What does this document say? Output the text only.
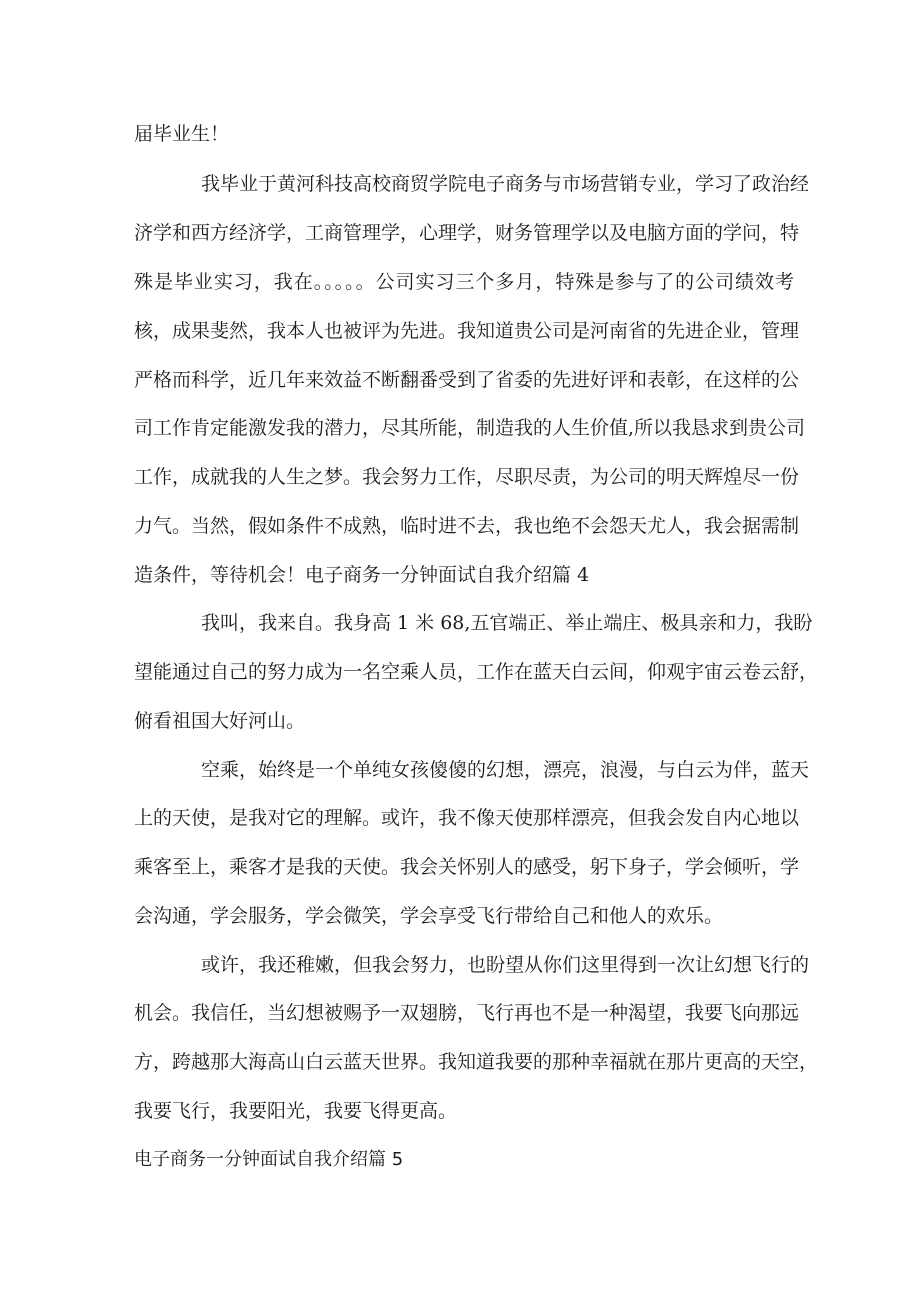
届毕业生！
我毕业于黄河科技高校商贸学院电子商务与市场营销专业，学习了政治经
济学和西方经济学，工商管理学，心理学，财务管理学以及电脑方面的学问，特
殊是毕业实习，我在。。。。。公司实习三个多月，特殊是参与了的公司绩效考
核，成果斐然，我本人也被评为先进。我知道贵公司是河南省的先进企业，管理
严格而科学，近几年来效益不断翻番受到了省委的先进好评和表彰，在这样的公
司工作肯定能激发我的潜力，尽其所能，制造我的人生价值,所以我恳求到贵公司
工作，成就我的人生之梦。我会努力工作，尽职尽责，为公司的明天辉煌尽一份
力气。当然，假如条件不成熟，临时进不去，我也绝不会怨天尤人，我会据需制
造条件，等待机会！电子商务一分钟面试自我介绍篇 4
我叫，我来自。我身高 1 米 68,五官端正、举止端庄、极具亲和力，我盼
望能通过自己的努力成为一名空乘人员，工作在蓝天白云间，仰观宇宙云卷云舒，
俯看祖国大好河山。
空乘，始终是一个单纯女孩傻傻的幻想，漂亮，浪漫，与白云为伴，蓝天
上的天使，是我对它的理解。或许，我不像天使那样漂亮，但我会发自内心地以
乘客至上，乘客才是我的天使。我会关怀别人的感受，躬下身子，学会倾听，学
会沟通，学会服务，学会微笑，学会享受飞行带给自己和他人的欢乐。
或许，我还稚嫩，但我会努力，也盼望从你们这里得到一次让幻想飞行的
机会。我信任，当幻想被赐予一双翅膀，飞行再也不是一种渴望，我要飞向那远
方，跨越那大海高山白云蓝天世界。我知道我要的那种幸福就在那片更高的天空，
我要飞行，我要阳光，我要飞得更高。
电子商务一分钟面试自我介绍篇 5
